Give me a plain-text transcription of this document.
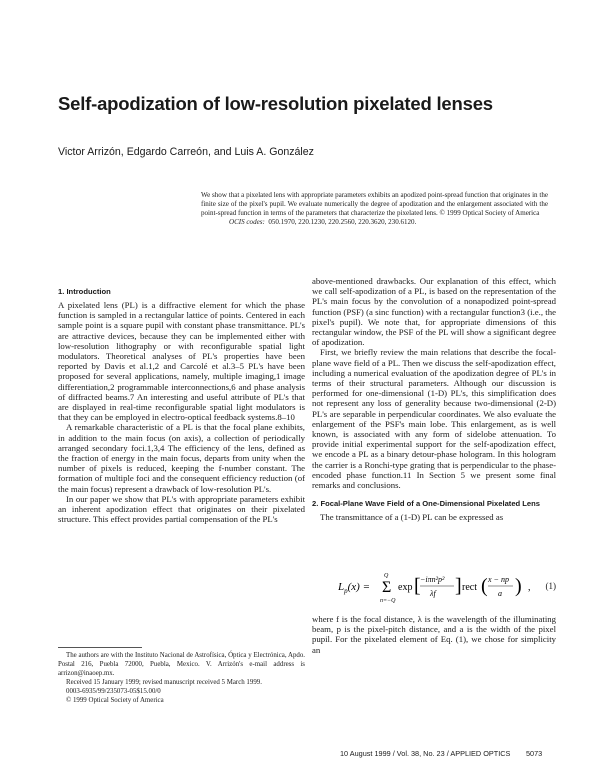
Self-apodization of low-resolution pixelated lenses
Victor Arrizón, Edgardo Carreón, and Luis A. González
We show that a pixelated lens with appropriate parameters exhibits an apodized point-spread function that originates in the finite size of the pixel's pupil. We evaluate numerically the degree of apodization and the enlargement associated with the point-spread function in terms of the parameters that characterize the pixelated lens. © 1999 Optical Society of America
OCIS codes: 050.1970, 220.1230, 220.2560, 220.3620, 230.6120.
1. Introduction

A pixelated lens (PL) is a diffractive element for which the phase function is sampled in a rectangular lattice of points. Centered in each sample point is a square pupil with constant phase transmittance. PL's are attractive devices, because they can be implemented either with low-resolution lithography or with reconfigurable spatial light modulators. Theoretical analyses of PL's properties have been reported by Davis et al.1,2 and Carcolé et al.3–5 PL's have been proposed for several applications, namely, multiple imaging,1 image differentiation,2 programmable interconnections,6 and phase analysis of diffracted beams.7 An interesting and useful attribute of PL's that are displayed in real-time reconfigurable spatial light modulators is that they can be employed in electro-optical feedback systems.8–10

A remarkable characteristic of a PL is that the focal plane exhibits, in addition to the main focus (on axis), a collection of periodically arranged secondary foci.1,3,4 The efficiency of the lens, defined as the fraction of energy in the main focus, departs from unity when the number of pixels is reduced, keeping the f-number constant. The formation of multiple foci and the consequent efficiency reduction (of the main focus) represent a drawback of low-resolution PL's.

In our paper we show that PL's with appropriate parameters exhibit an inherent apodization effect that originates on their pixelated structure. This effect provides partial compensation of the PL's

The authors are with the Instituto Nacional de Astrofísica, Óptica y Electrónica, Apdo. Postal 216, Puebla 72000, Puebla, Mexico. V. Arrizón's e-mail address is arrizon@inaoep.mx.

Received 15 January 1999; revised manuscript received 5 March 1999.

0003-6935/99/235073-05$15.00/0

© 1999 Optical Society of America

above-mentioned drawbacks. Our explanation of this effect, which we call self-apodization of a PL, is based on the representation of the PL's main focus by the convolution of a nonapodized point-spread function (PSF) (a sinc function) with a rectangular function3 (i.e., the pixel's pupil). We note that, for appropriate dimensions of this rectangular window, the PSF of the PL will show a significant degree of apodization.

First, we briefly review the main relations that describe the focal-plane wave field of a PL. Then we discuss the self-apodization effect, including a numerical evaluation of the apodization degree of PL's in terms of their structural parameters. Although our discussion is performed for one-dimensional (1-D) PL's, this simplification does not represent any loss of generality because two-dimensional (2-D) PL's are separable in perpendicular coordinates. We also evaluate the enlargement of the PSF's main lobe. This enlargement, as is well known, is associated with any form of sidelobe attenuation. To provide initial experimental support for the self-apodization effect, we encode a PL as a binary detour-phase hologram. In this hologram the carrier is a Ronchi-type grating that is perpendicular to the phase-encoded phase function.11 In Section 5 we present some final remarks and conclusions.

2. Focal-Plane Wave Field of a One-Dimensional Pixelated Lens

The transmittance of a (1-D) PL can be expressed as

$L_p(x) = \Sigma$
Q
n=−Q
exp [ −iπn²p²
λf ] rect ( x − np
a ) , (1)
where f is the focal distance, λ is the wavelength of the illuminating beam, p is the pixel-pitch distance, and a is the width of the pixel pupil. For the pixelated element of Eq. (1), we chose for simplicity an
10 August 1999 / Vol. 38, No. 23 / APPLIED OPTICS	5073
